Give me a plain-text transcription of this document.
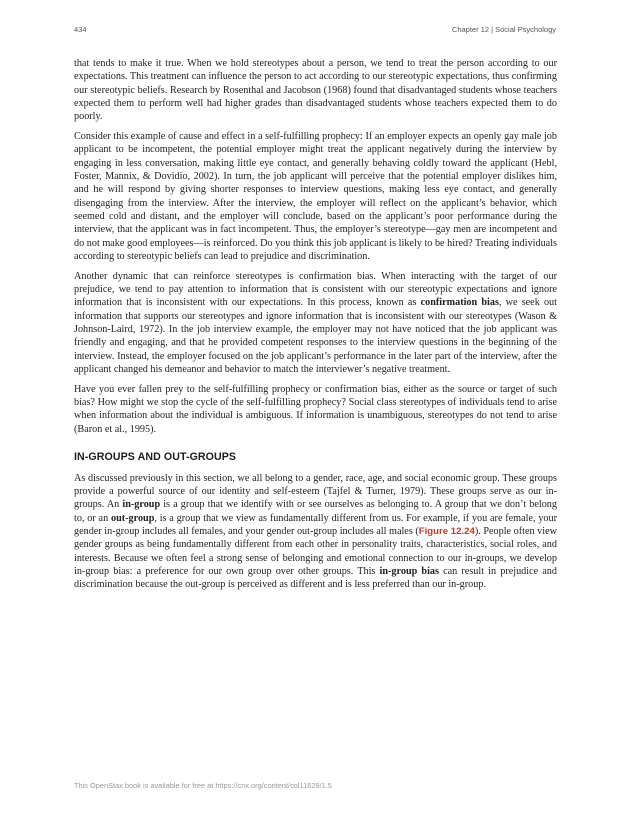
434	Chapter 12 | Social Psychology

that tends to make it true. When we hold stereotypes about a person, we tend to treat the person according to our expectations. This treatment can influence the person to act according to our stereotypic expectations, thus confirming our stereotypic beliefs. Research by Rosenthal and Jacobson (1968) found that disadvantaged students whose teachers expected them to perform well had higher grades than disadvantaged students whose teachers expected them to do poorly.

Consider this example of cause and effect in a self-fulfilling prophecy: If an employer expects an openly gay male job applicant to be incompetent, the potential employer might treat the applicant negatively during the interview by engaging in less conversation, making little eye contact, and generally behaving coldly toward the applicant (Hebl, Foster, Mannix, & Dovidio, 2002). In turn, the job applicant will perceive that the potential employer dislikes him, and he will respond by giving shorter responses to interview questions, making less eye contact, and generally disengaging from the interview. After the interview, the employer will reflect on the applicant’s behavior, which seemed cold and distant, and the employer will conclude, based on the applicant’s poor performance during the interview, that the applicant was in fact incompetent. Thus, the employer’s stereotype—gay men are incompetent and do not make good employees—is reinforced. Do you think this job applicant is likely to be hired? Treating individuals according to stereotypic beliefs can lead to prejudice and discrimination.

Another dynamic that can reinforce stereotypes is confirmation bias. When interacting with the target of our prejudice, we tend to pay attention to information that is consistent with our stereotypic expectations and ignore information that is inconsistent with our expectations. In this process, known as confirmation bias, we seek out information that supports our stereotypes and ignore information that is inconsistent with our stereotypes (Wason & Johnson-Laird, 1972). In the job interview example, the employer may not have noticed that the job applicant was friendly and engaging, and that he provided competent responses to the interview questions in the beginning of the interview. Instead, the employer focused on the job applicant’s performance in the later part of the interview, after the applicant changed his demeanor and behavior to match the interviewer’s negative treatment.

Have you ever fallen prey to the self-fulfilling prophecy or confirmation bias, either as the source or target of such bias? How might we stop the cycle of the self-fulfilling prophecy? Social class stereotypes of individuals tend to arise when information about the individual is ambiguous. If information is unambiguous, stereotypes do not tend to arise (Baron et al., 1995).

IN-GROUPS AND OUT-GROUPS

As discussed previously in this section, we all belong to a gender, race, age, and social economic group. These groups provide a powerful source of our identity and self-esteem (Tajfel & Turner, 1979). These groups serve as our in-groups. An in-group is a group that we identify with or see ourselves as belonging to. A group that we don’t belong to, or an out-group, is a group that we view as fundamentally different from us. For example, if you are female, your gender in-group includes all females, and your gender out-group includes all males (Figure 12.24). People often view gender groups as being fundamentally different from each other in personality traits, characteristics, social roles, and interests. Because we often feel a strong sense of belonging and emotional connection to our in-groups, we develop in-group bias: a preference for our own group over other groups. This in-group bias can result in prejudice and discrimination because the out-group is perceived as different and is less preferred than our in-group.

This OpenStax book is available for free at https://cnx.org/content/col11629/1.5
